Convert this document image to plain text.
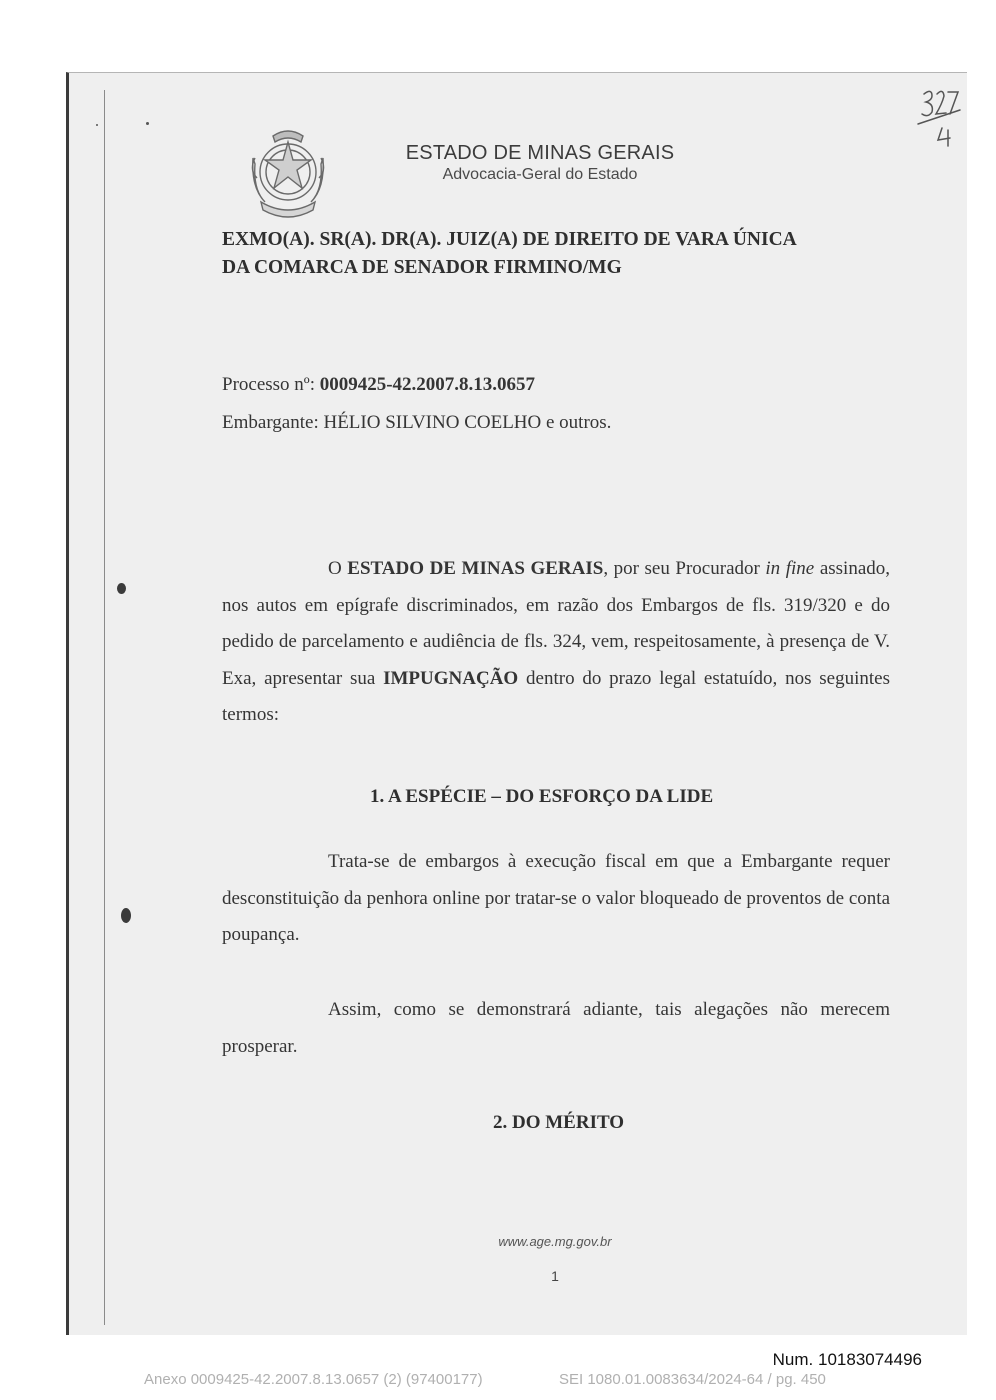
ESTADO DE MINAS GERAIS
Advocacia-Geral do Estado
EXMO(A). SR(A). DR(A). JUIZ(A) DE DIREITO DE VARA ÚNICA
DA COMARCA DE SENADOR FIRMINO/MG
Processo nº: 0009425-42.2007.8.13.0657
Embargante: HÉLIO SILVINO COELHO e outros.
O ESTADO DE MINAS GERAIS, por seu Procurador in fine assinado, nos autos em epígrafe discriminados, em razão dos Embargos de fls. 319/320 e do pedido de parcelamento e audiência de fls. 324, vem, respeitosamente, à presença de V. Exa, apresentar sua IMPUGNAÇÃO dentro do prazo legal estatuído, nos seguintes termos:
1. A ESPÉCIE – DO ESFORÇO DA LIDE
Trata-se de embargos à execução fiscal em que a Embargante requer desconstituição da penhora online por tratar-se o valor bloqueado de proventos de conta poupança.
Assim, como se demonstrará adiante, tais alegações não merecem prosperar.
2. DO MÉRITO
www.age.mg.gov.br
1
Num. 10183074496
Anexo 0009425-42.2007.8.13.0657 (2) (97400177)	SEI 1080.01.0083634/2024-64 / pg. 450
